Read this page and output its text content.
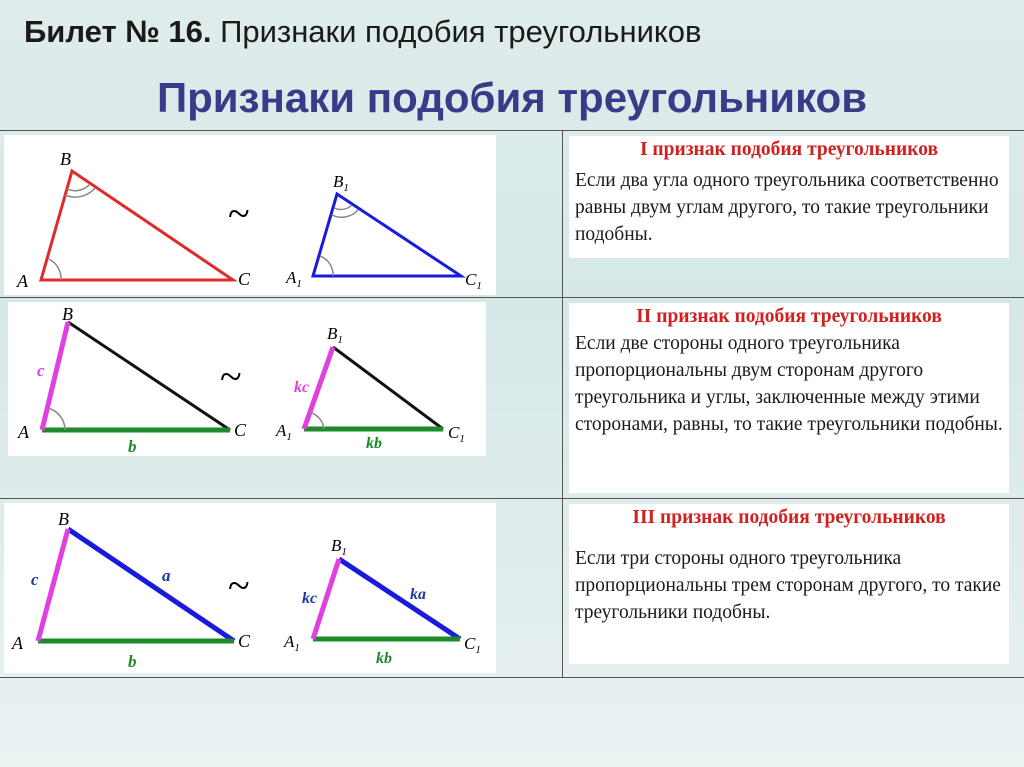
Билет № 16. Признаки подобия треугольников
Признаки подобия треугольников
B
A	C
~
$B_1$
$A_1$	$C_1$
I признак подобия треугольников
Если два угла одного треугольника соответственно равны двум углам другого, то такие треугольники подобны.
B
A	C
c
b
~
$B_1$
$A_1$	$C_1$
kc
kb
II признак подобия треугольников
Если две стороны одного треугольника пропорциональны двум сторонам другого треугольника и углы, заключенные между этими сторонами, равны, то такие треугольники подобны.
B
A	C
c	a
b
~
$B_1$
$A_1$	$C_1$
kc	ka
kb
III признак подобия треугольников
Если три стороны одного треугольника пропорциональны трем сторонам другого, то такие треугольники подобны.
